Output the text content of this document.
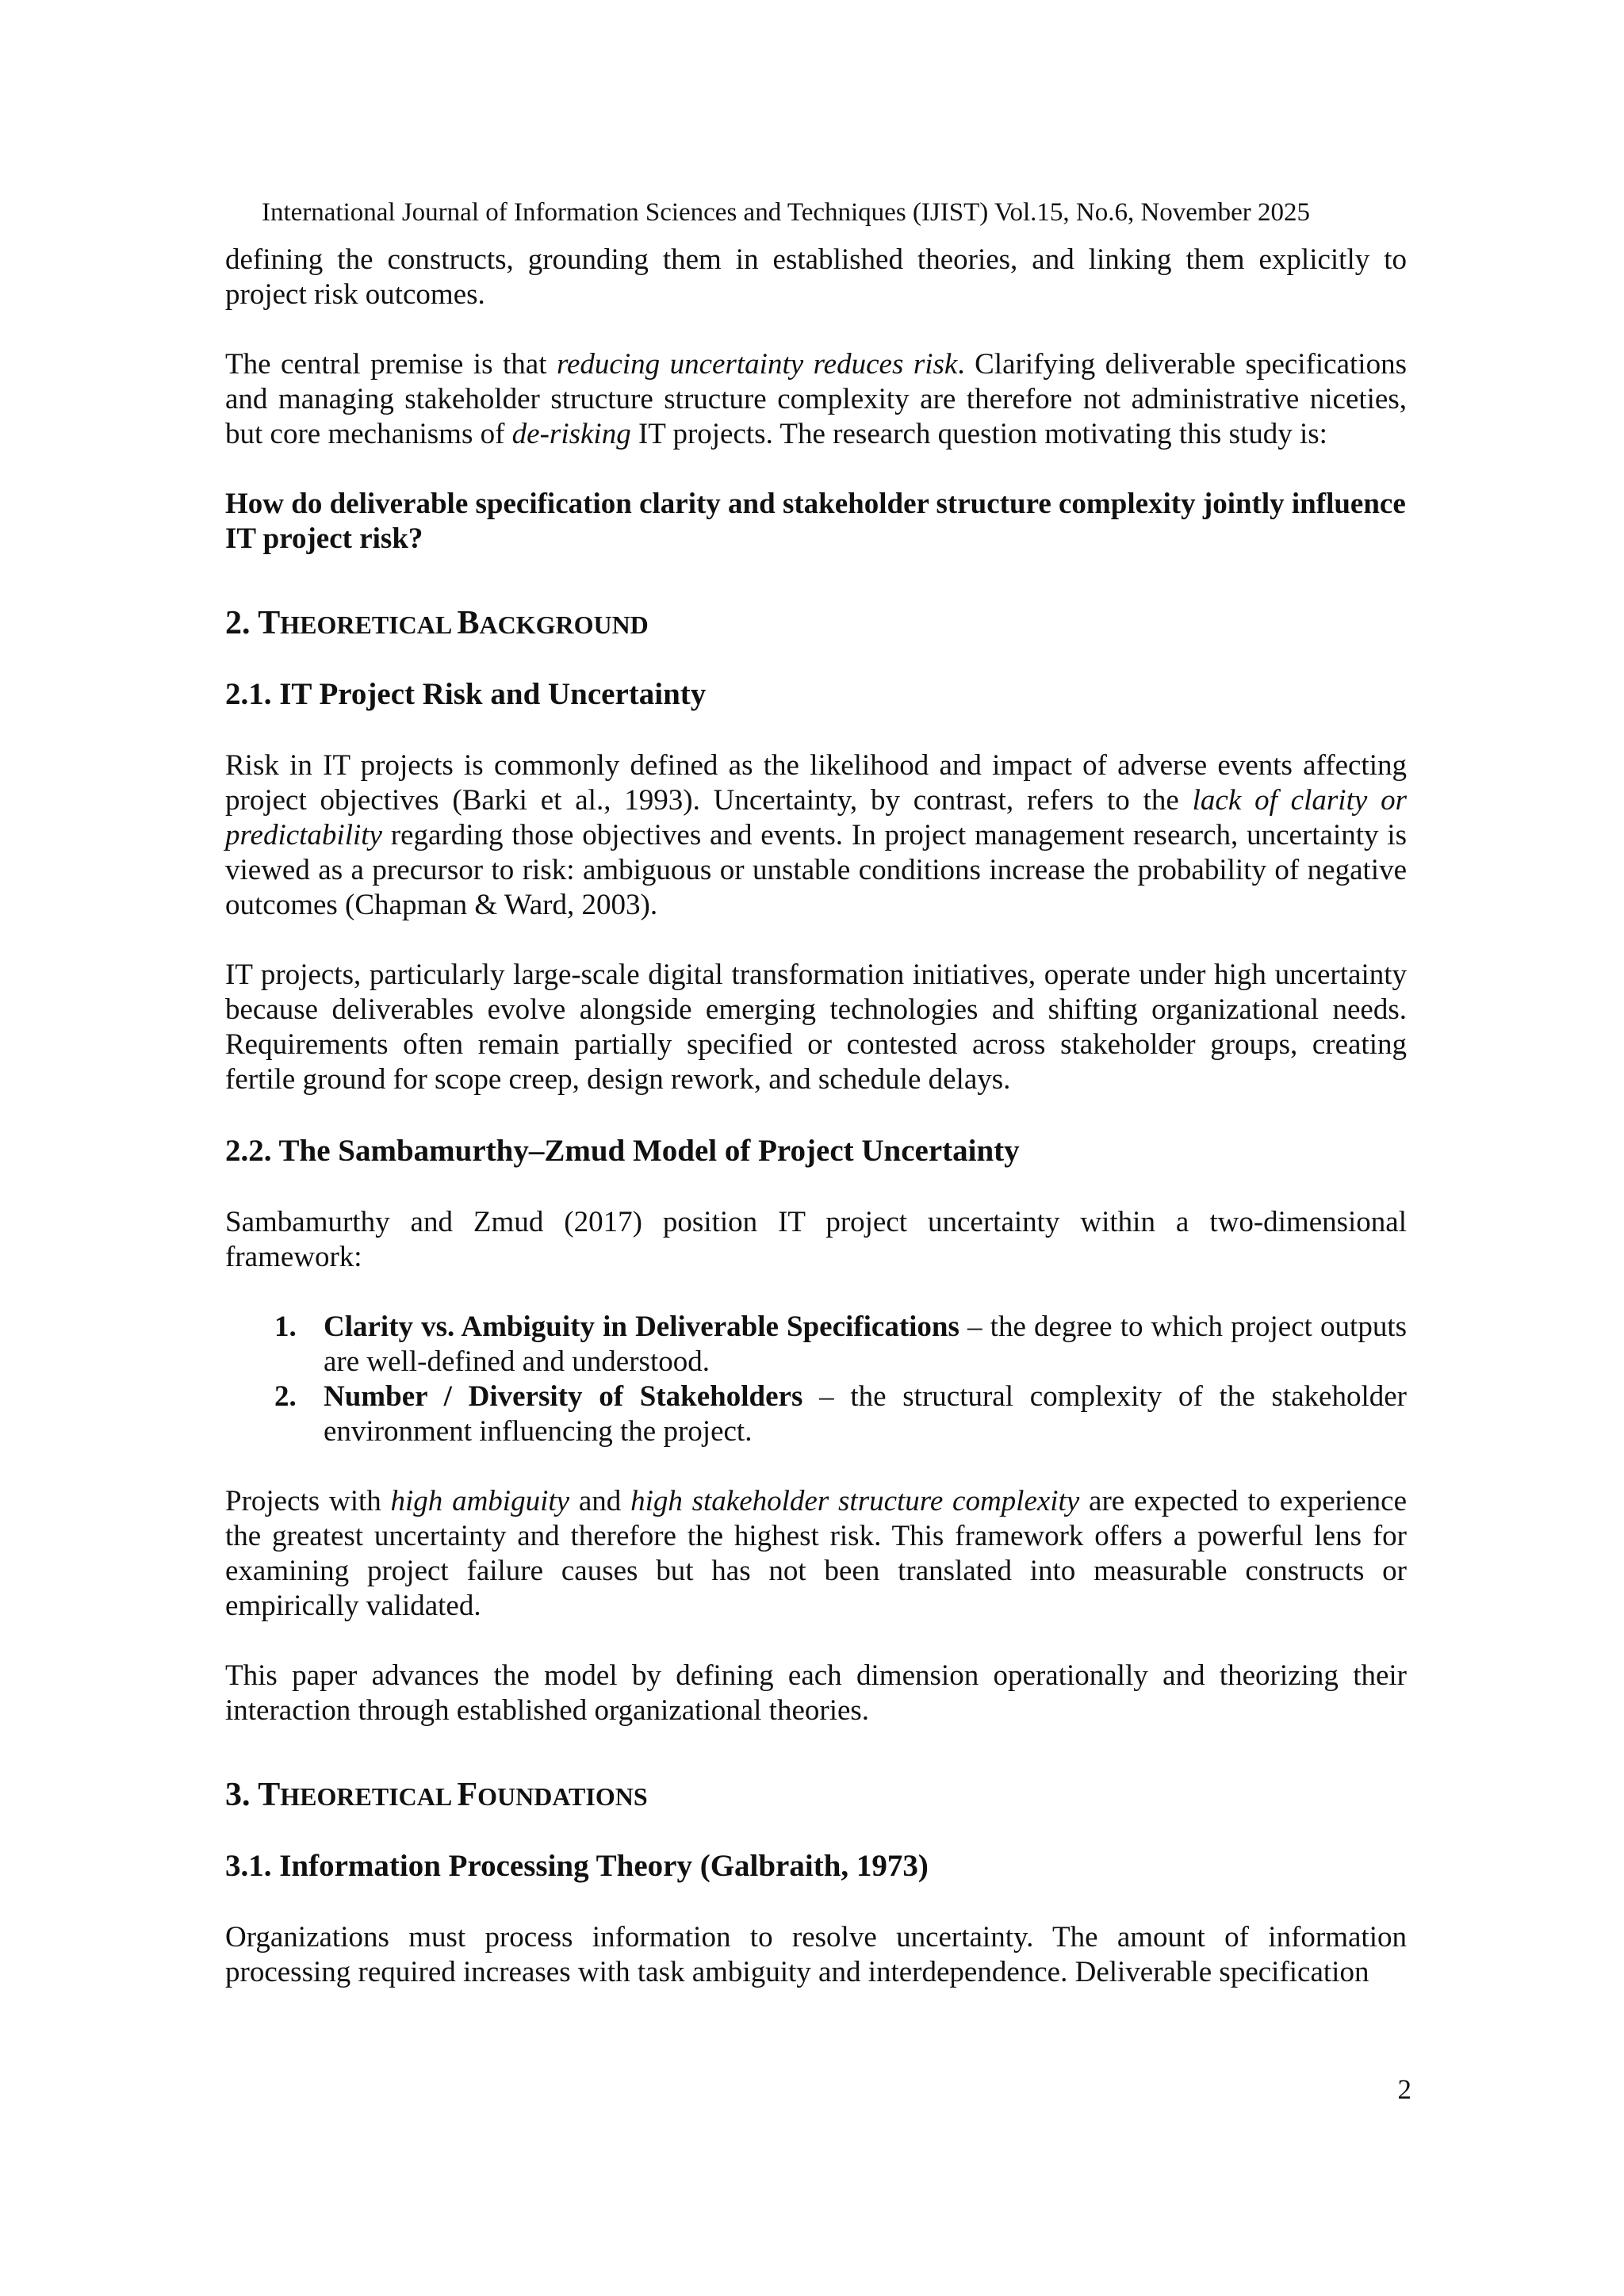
International Journal of Information Sciences and Techniques (IJIST) Vol.15, No.6, November 2025

defining the constructs, grounding them in established theories, and linking them explicitly to project risk outcomes.

The central premise is that reducing uncertainty reduces risk. Clarifying deliverable specifications and managing stakeholder structure structure complexity are therefore not administrative niceties, but core mechanisms of de-risking IT projects. The research question motivating this study is:

How do deliverable specification clarity and stakeholder structure complexity jointly influence IT project risk?

2. THEORETICAL BACKGROUND
2.1. IT Project Risk and Uncertainty

Risk in IT projects is commonly defined as the likelihood and impact of adverse events affecting project objectives (Barki et al., 1993). Uncertainty, by contrast, refers to the lack of clarity or predictability regarding those objectives and events. In project management research, uncertainty is viewed as a precursor to risk: ambiguous or unstable conditions increase the probability of negative outcomes (Chapman & Ward, 2003).

IT projects, particularly large-scale digital transformation initiatives, operate under high uncertainty because deliverables evolve alongside emerging technologies and shifting organizational needs. Requirements often remain partially specified or contested across stakeholder groups, creating fertile ground for scope creep, design rework, and schedule delays.

2.2. The Sambamurthy–Zmud Model of Project Uncertainty

Sambamurthy and Zmud (2017) position IT project uncertainty within a two-dimensional framework:

1. Clarity vs. Ambiguity in Deliverable Specifications – the degree to which project outputs are well-defined and understood.
2. Number / Diversity of Stakeholders – the structural complexity of the stakeholder environment influencing the project.

Projects with high ambiguity and high stakeholder structure complexity are expected to experience the greatest uncertainty and therefore the highest risk. This framework offers a powerful lens for examining project failure causes but has not been translated into measurable constructs or empirically validated.

This paper advances the model by defining each dimension operationally and theorizing their interaction through established organizational theories.

3. THEORETICAL FOUNDATIONS
3.1. Information Processing Theory (Galbraith, 1973)

Organizations must process information to resolve uncertainty. The amount of information processing required increases with task ambiguity and interdependence. Deliverable specification

2
